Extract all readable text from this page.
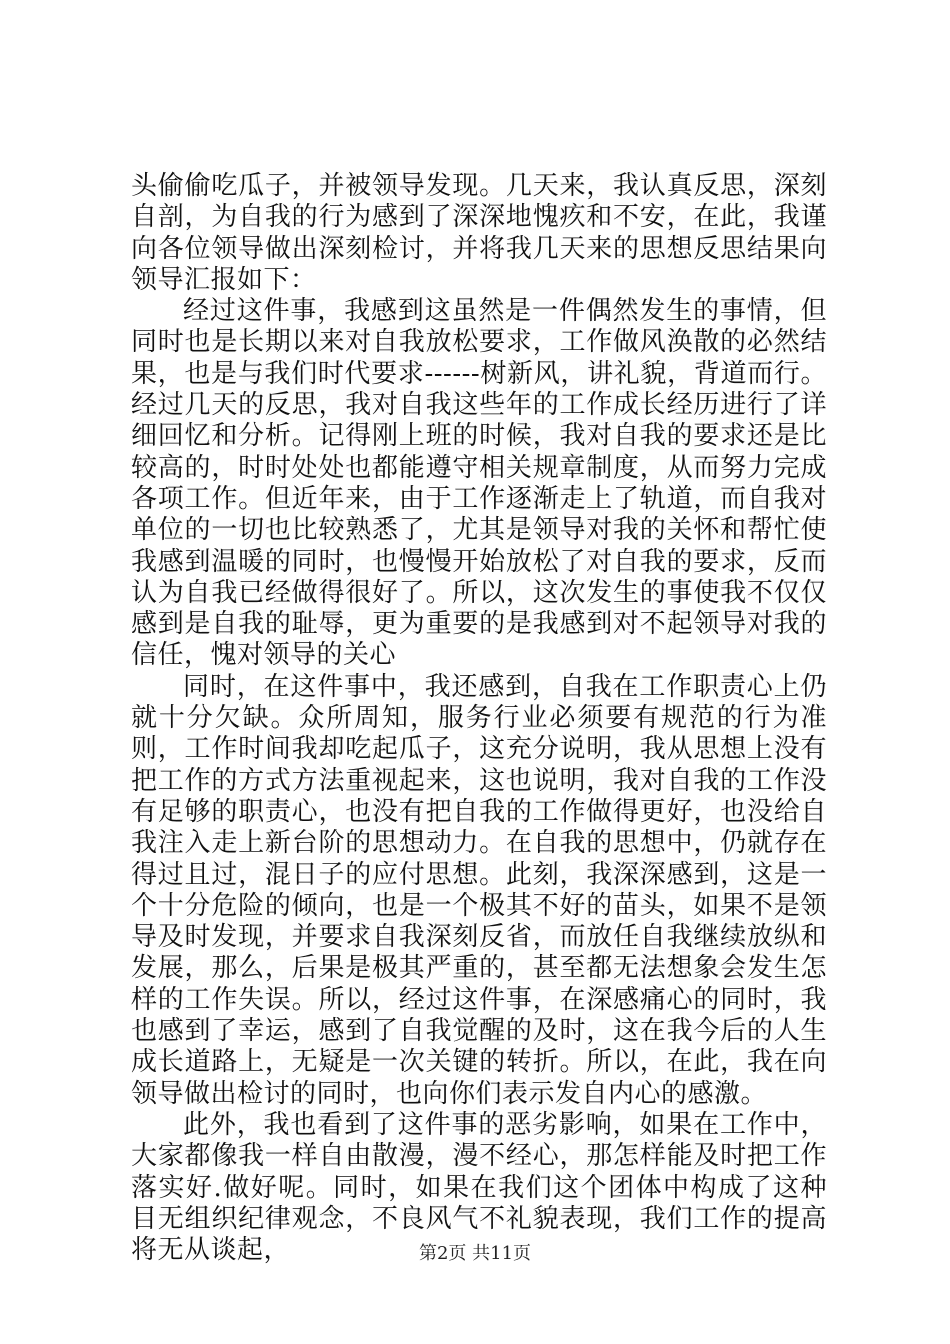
头偷偷吃瓜子，并被领导发现。几天来，我认真反思，深刻自剖，为自我的行为感到了深深地愧疚和不安，在此，我谨向各位领导做出深刻检讨，并将我几天来的思想反思结果向领导汇报如下：

经过这件事，我感到这虽然是一件偶然发生的事情，但同时也是长期以来对自我放松要求，工作做风涣散的必然结果，也是与我们时代要求------树新风，讲礼貌，背道而行。经过几天的反思，我对自我这些年的工作成长经历进行了详细回忆和分析。记得刚上班的时候，我对自我的要求还是比较高的，时时处处也都能遵守相关规章制度，从而努力完成各项工作。但近年来，由于工作逐渐走上了轨道，而自我对单位的一切也比较熟悉了，尤其是领导对我的关怀和帮忙使我感到温暖的同时，也慢慢开始放松了对自我的要求，反而认为自我已经做得很好了。所以，这次发生的事使我不仅仅感到是自我的耻辱，更为重要的是我感到对不起领导对我的信任，愧对领导的关心

同时，在这件事中，我还感到，自我在工作职责心上仍就十分欠缺。众所周知，服务行业必须要有规范的行为准则，工作时间我却吃起瓜子，这充分说明，我从思想上没有把工作的方式方法重视起来，这也说明，我对自我的工作没有足够的职责心，也没有把自我的工作做得更好，也没给自我注入走上新台阶的思想动力。在自我的思想中，仍就存在得过且过，混日子的应付思想。此刻，我深深感到，这是一个十分危险的倾向，也是一个极其不好的苗头，如果不是领导及时发现，并要求自我深刻反省，而放任自我继续放纵和发展，那么，后果是极其严重的，甚至都无法想象会发生怎样的工作失误。所以，经过这件事，在深感痛心的同时，我也感到了幸运，感到了自我觉醒的及时，这在我今后的人生成长道路上，无疑是一次关键的转折。所以，在此，我在向领导做出检讨的同时，也向你们表示发自内心的感激。

此外，我也看到了这件事的恶劣影响，如果在工作中，大家都像我一样自由散漫，漫不经心，那怎样能及时把工作落实好.做好呢。同时，如果在我们这个团体中构成了这种目无组织纪律观念，不良风气不礼貌表现，我们工作的提高将无从谈起，	第2页 共11页
